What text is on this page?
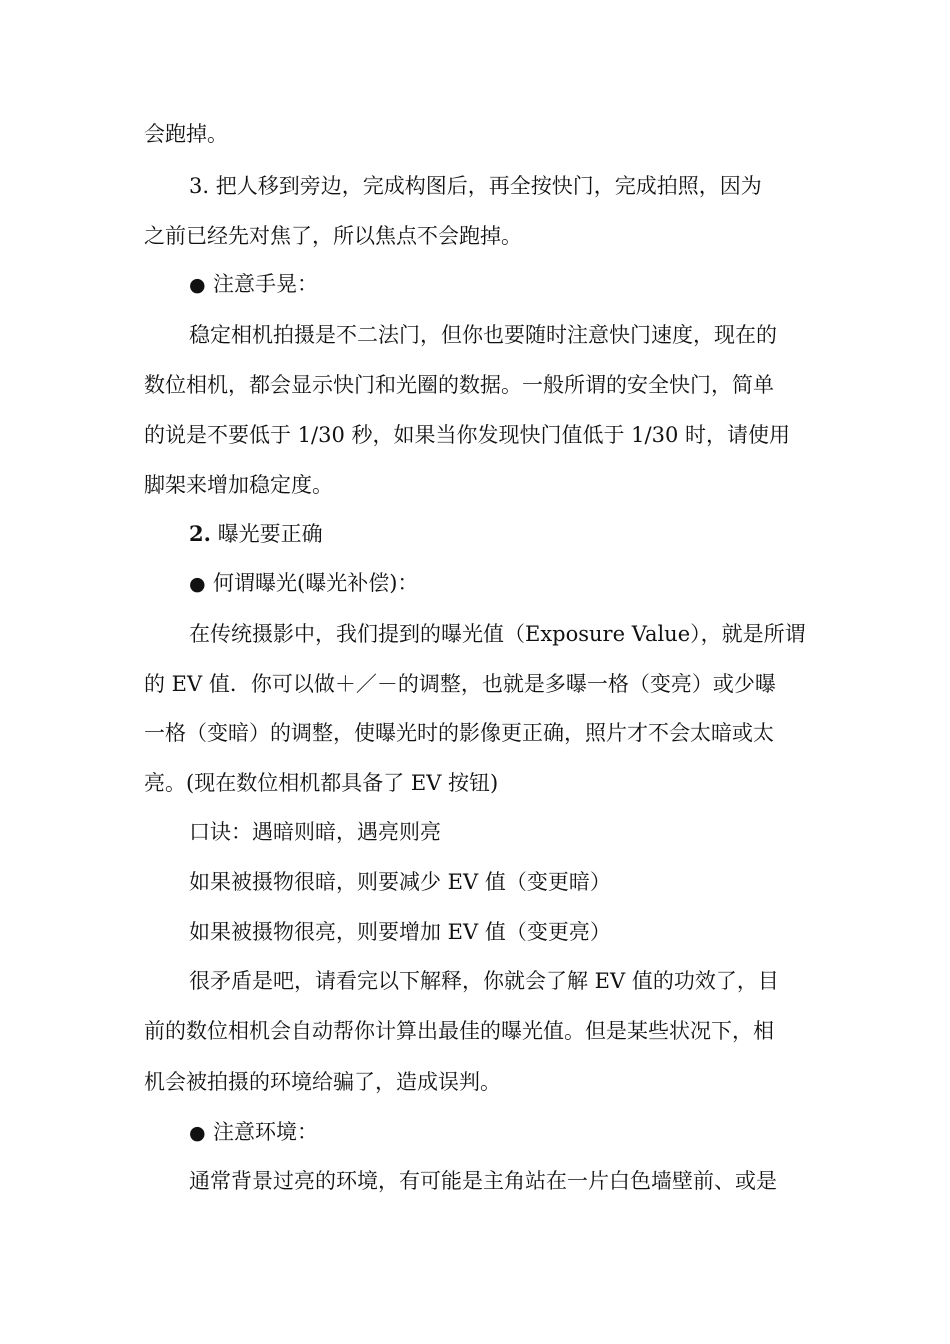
会跑掉。
3. 把人移到旁边，完成构图后，再全按快门，完成拍照，因为
之前已经先对焦了，所以焦点不会跑掉。
● 注意手晃：
稳定相机拍摄是不二法门，但你也要随时注意快门速度，现在的
数位相机，都会显示快门和光圈的数据。一般所谓的安全快门，简单
的说是不要低于 1/30 秒，如果当你发现快门值低于 1/30 时，请使用
脚架来增加稳定度。
2. 曝光要正确
● 何谓曝光(曝光补偿)：
在传统摄影中，我们提到的曝光值（Exposure Value），就是所谓
的 EV 值．你可以做＋／－的调整，也就是多曝一格（变亮）或少曝
一格（变暗）的调整，使曝光时的影像更正确，照片才不会太暗或太
亮。(现在数位相机都具备了 EV 按钮)
口诀：遇暗则暗，遇亮则亮
如果被摄物很暗，则要减少 EV 值（变更暗）
如果被摄物很亮，则要增加 EV 值（变更亮）
很矛盾是吧，请看完以下解释，你就会了解 EV 值的功效了，目
前的数位相机会自动帮你计算出最佳的曝光值。但是某些状况下，相
机会被拍摄的环境给骗了，造成误判。
● 注意环境：
通常背景过亮的环境，有可能是主角站在一片白色墙壁前、或是
